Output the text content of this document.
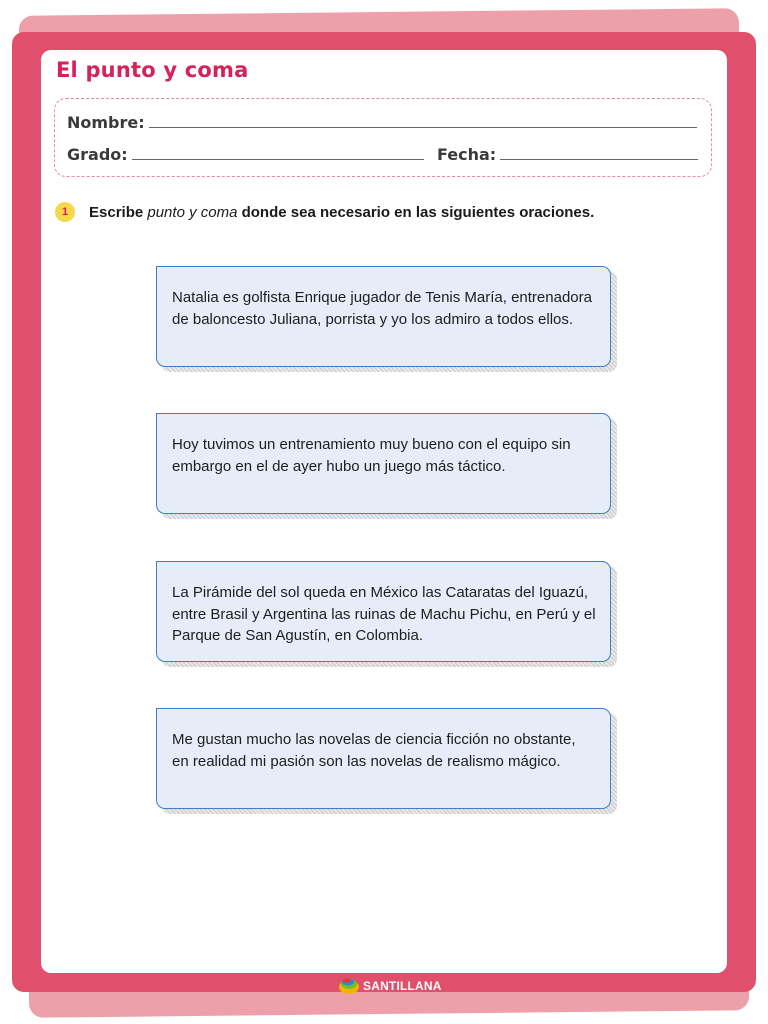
El punto y coma
Nombre:
Grado:	Fecha:
1	Escribe punto y coma donde sea necesario en las siguientes oraciones.
Natalia es golfista Enrique jugador de Tenis María, entrenadora de baloncesto Juliana, porrista y yo los admiro a todos ellos.
Hoy tuvimos un entrenamiento muy bueno con el equipo sin embargo en el de ayer hubo un juego más táctico.
La Pirámide del sol queda en México las Cataratas del Iguazú, entre Brasil y Argentina las ruinas de Machu Pichu, en Perú y el Parque de San Agustín, en Colombia.
Me gustan mucho las novelas de ciencia ficción no obstante, en realidad mi pasión son las novelas de realismo mágico.
SANTILLANA
